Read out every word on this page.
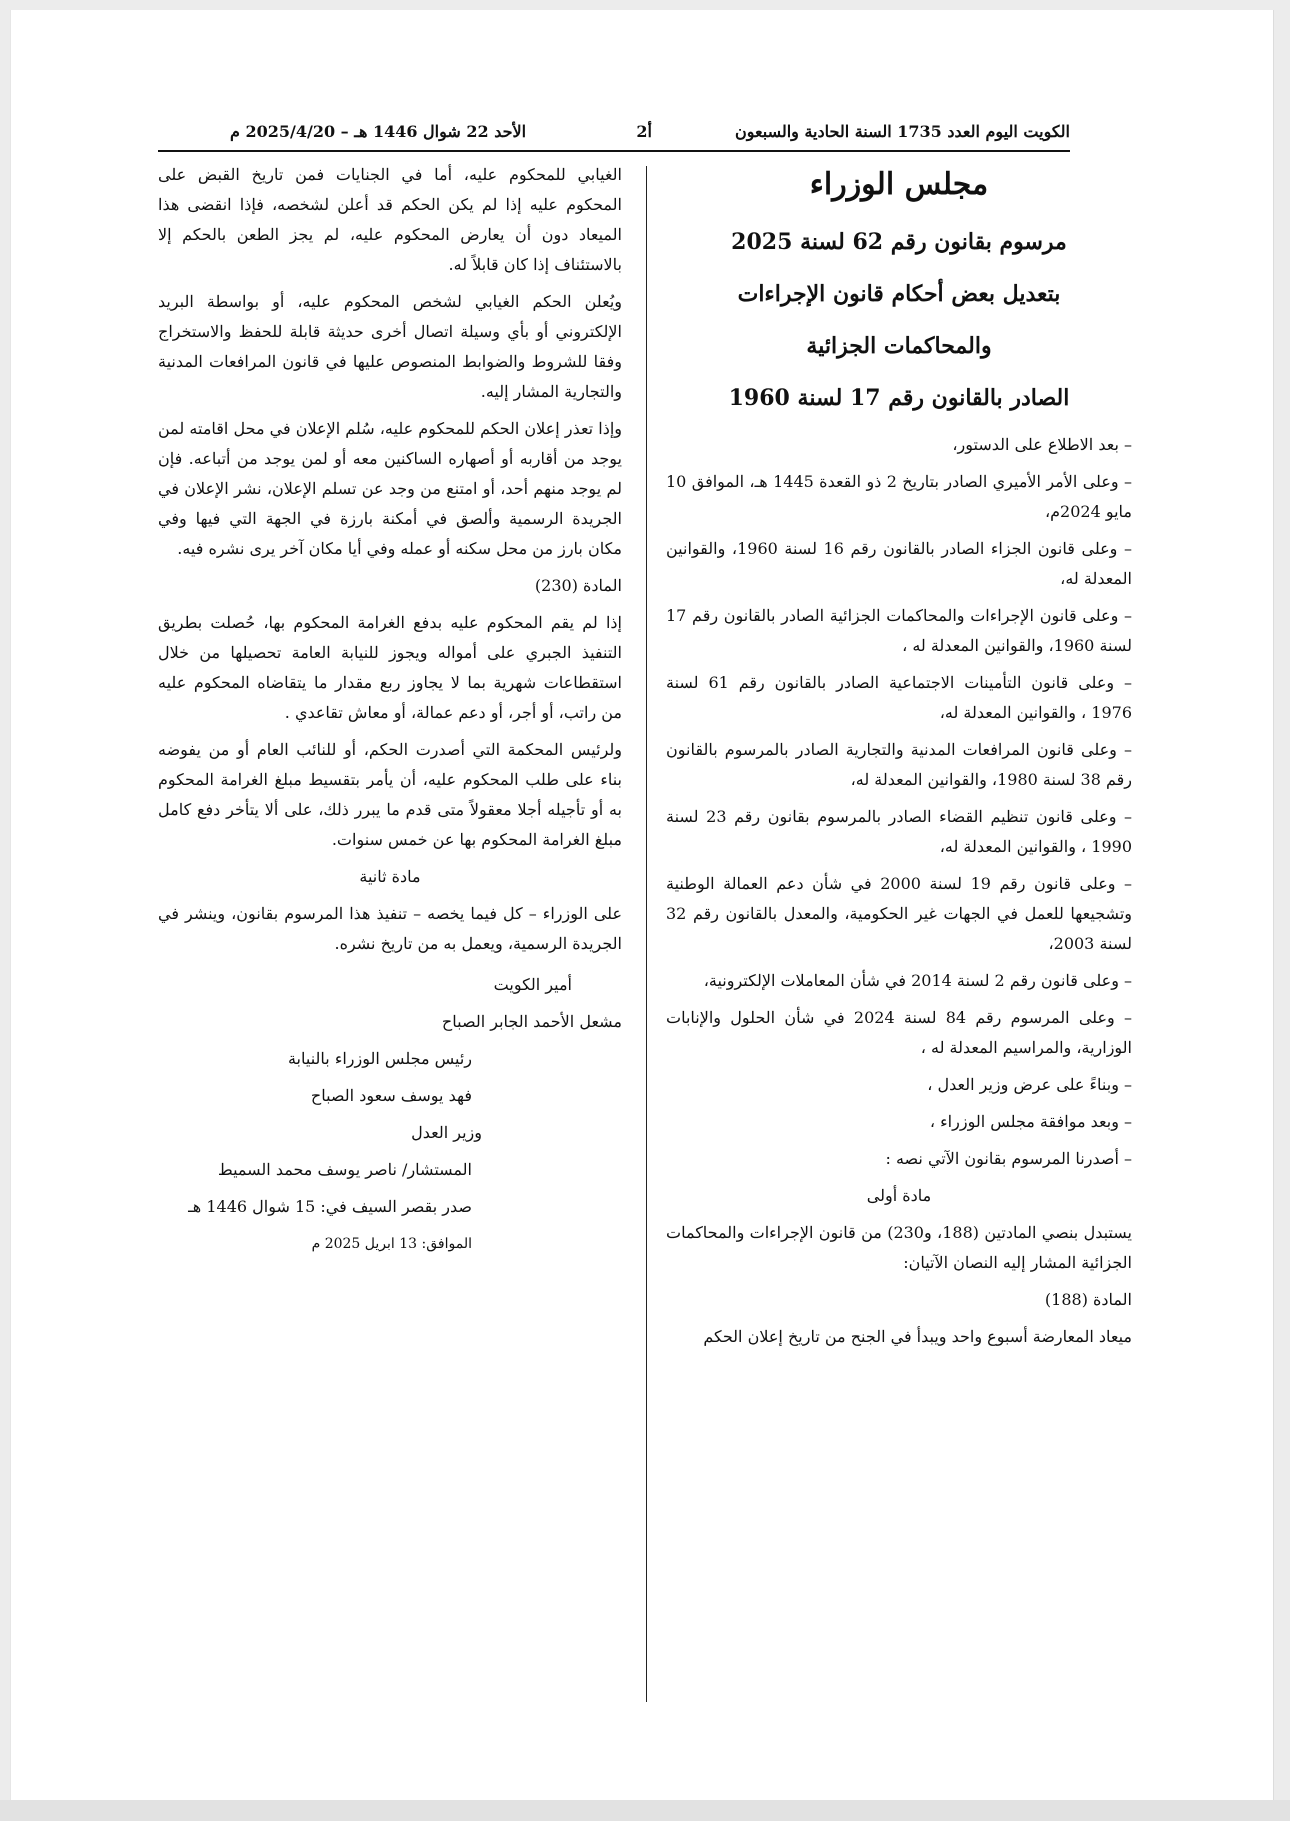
الكويت اليوم العدد 1735 السنة الحادية والسبعون
أ2
الأحد 22 شوال 1446 هـ – 2025/4/20 م
مجلس الوزراء
مرسوم بقانون رقم 62 لسنة 2025
بتعديل بعض أحكام قانون الإجراءات
والمحاكمات الجزائية
الصادر بالقانون رقم 17 لسنة 1960

– بعد الاطلاع على الدستور،

– وعلى الأمر الأميري الصادر بتاريخ 2 ذو القعدة 1445 هـ، الموافق 10 مايو 2024م،

– وعلى قانون الجزاء الصادر بالقانون رقم 16 لسنة 1960، والقوانين المعدلة له،

– وعلى قانون الإجراءات والمحاكمات الجزائية الصادر بالقانون رقم 17 لسنة 1960، والقوانين المعدلة له ،

– وعلى قانون التأمينات الاجتماعية الصادر بالقانون رقم 61 لسنة 1976 ، والقوانين المعدلة له،

– وعلى قانون المرافعات المدنية والتجارية الصادر بالمرسوم بالقانون رقم 38 لسنة 1980، والقوانين المعدلة له،

– وعلى قانون تنظيم القضاء الصادر بالمرسوم بقانون رقم 23 لسنة 1990 ، والقوانين المعدلة له،

– وعلى قانون رقم 19 لسنة 2000 في شأن دعم العمالة الوطنية وتشجيعها للعمل في الجهات غير الحكومية، والمعدل بالقانون رقم 32 لسنة 2003،

– وعلى قانون رقم 2 لسنة 2014 في شأن المعاملات الإلكترونية،

– وعلى المرسوم رقم 84 لسنة 2024 في شأن الحلول والإنابات الوزارية، والمراسيم المعدلة له ،

– وبناءً على عرض وزير العدل ،

– وبعد موافقة مجلس الوزراء ،

– أصدرنا المرسوم بقانون الآتي نصه :

مادة أولى

يستبدل بنصي المادتين (188، و230) من قانون الإجراءات والمحاكمات الجزائية المشار إليه النصان الآتيان:

المادة (188)

ميعاد المعارضة أسبوع واحد ويبدأ في الجنح من تاريخ إعلان الحكم

الغيابي للمحكوم عليه، أما في الجنايات فمن تاريخ القبض على المحكوم عليه إذا لم يكن الحكم قد أعلن لشخصه، فإذا انقضى هذا الميعاد دون أن يعارض المحكوم عليه، لم يجز الطعن بالحكم إلا بالاستئناف إذا كان قابلاً له.

ويُعلن الحكم الغيابي لشخص المحكوم عليه، أو بواسطة البريد الإلكتروني أو بأي وسيلة اتصال أخرى حديثة قابلة للحفظ والاستخراج وفقا للشروط والضوابط المنصوص عليها في قانون المرافعات المدنية والتجارية المشار إليه.

وإذا تعذر إعلان الحكم للمحكوم عليه، سُلم الإعلان في محل اقامته لمن يوجد من أقاربه أو أصهاره الساكنين معه أو لمن يوجد من أتباعه. فإن لم يوجد منهم أحد، أو امتنع من وجد عن تسلم الإعلان، نشر الإعلان في الجريدة الرسمية وألصق في أمكنة بارزة في الجهة التي فيها وفي مكان بارز من محل سكنه أو عمله وفي أيا مكان آخر يرى نشره فيه.

المادة (230)

إذا لم يقم المحكوم عليه بدفع الغرامة المحكوم بها، حُصلت بطريق التنفيذ الجبري على أمواله ويجوز للنيابة العامة تحصيلها من خلال استقطاعات شهرية بما لا يجاوز ربع مقدار ما يتقاضاه المحكوم عليه من راتب، أو أجر، أو دعم عمالة، أو معاش تقاعدي .

ولرئيس المحكمة التي أصدرت الحكم، أو للنائب العام أو من يفوضه بناء على طلب المحكوم عليه، أن يأمر بتقسيط مبلغ الغرامة المحكوم به أو تأجيله أجلا معقولاً متى قدم ما يبرر ذلك، على ألا يتأخر دفع كامل مبلغ الغرامة المحكوم بها عن خمس سنوات.

مادة ثانية

على الوزراء – كل فيما يخصه – تنفيذ هذا المرسوم بقانون، وينشر في الجريدة الرسمية، ويعمل به من تاريخ نشره.

أمير الكويت

مشعل الأحمد الجابر الصباح

رئيس مجلس الوزراء بالنيابة

فهد يوسف سعود الصباح

وزير العدل

المستشار/ ناصر يوسف محمد السميط

صدر بقصر السيف في: 15 شوال 1446 هـ

الموافق: 13 ابريل 2025 م
